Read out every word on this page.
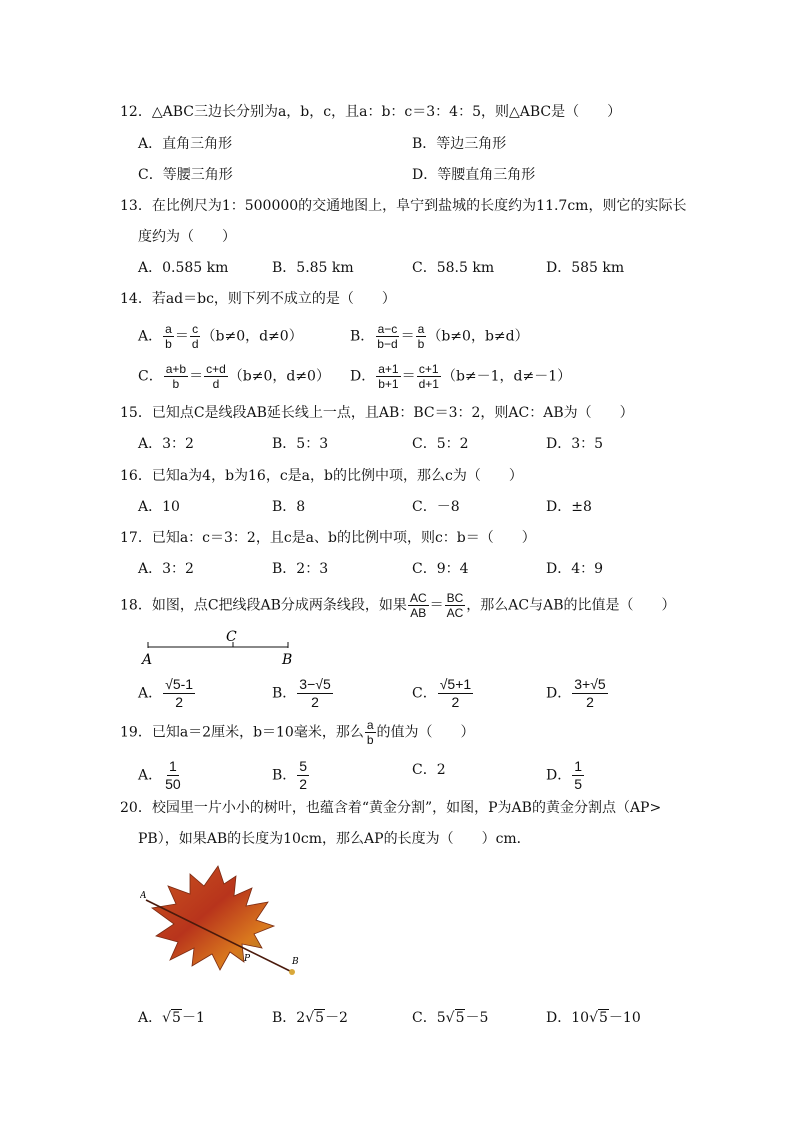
12．△ABC三边长分别为a，b，c，且a：b：c＝3：4：5，则△ABC是（　　）
A．直角三角形	B．等边三角形
C．等腰三角形	D．等腰直角三角形
13．在比例尺为1：500000的交通地图上，阜宁到盐城的长度约为11.7cm，则它的实际长
度约为（　　）
A．0.585 km	B．5.85 km	C．58.5 km	D．585 km
14．若ad＝bc，则下列不成立的是（　　）
A． $\frac{a}{b} = \frac{c}{d} (b\ne 0$，d≠0）	B． $\frac{a-c}{b-d} = \frac{a}{b} (b\ne 0$，b≠d）
C． $\frac{a+b}{b} = \frac{c+d}{d} (b\ne 0$，d≠0） D． $\frac{a+1}{b+1} = \frac{c+1}{d+1} (b\ne-1$，d≠－1）
15．已知点C是线段AB延长线上一点，且AB：BC＝3：2，则AC：AB为（　　）
A．3：2	B．5：3	C．5：2	D．3：5
16．已知a为4，b为16，c是a，b的比例中项，那么c为（　　）
A．10	B．8	C．－8	D．±8
17．已知a：c＝3：2，且c是a、b的比例中项，则c：b＝（　　）
A．3：2	B．2：3	C．9：4	D．4：9
18．如图，点C把线段AB分成两条线段，如果 $\frac{AC}{AB} = \frac{BC}{AC}$ ，那么AC与AB的比值是（　　）
C
A	B
A． $\frac{√5-1}{2}$	B． $\frac{3-√5}{2}$	C． $\frac{√5+1}{2}$	D． $\frac{3+√5}{2}$
19．已知a＝2厘米，b＝10毫米，那么 $\frac{a}{b}$ 的值为（　　）
A． $\frac{1}{50}$	B． $\frac{5}{2}$	C．2	D． $\frac{1}{5}$
20．校园里一片小小的树叶，也蕴含着“黄金分割”，如图，P为AB的黄金分割点（AP>
PB），如果AB的长度为10cm，那么AP的长度为（　　）cm．
A
P	B
A．√5－1	B．2√5－2	C．5√5－5	D．10√5－10
